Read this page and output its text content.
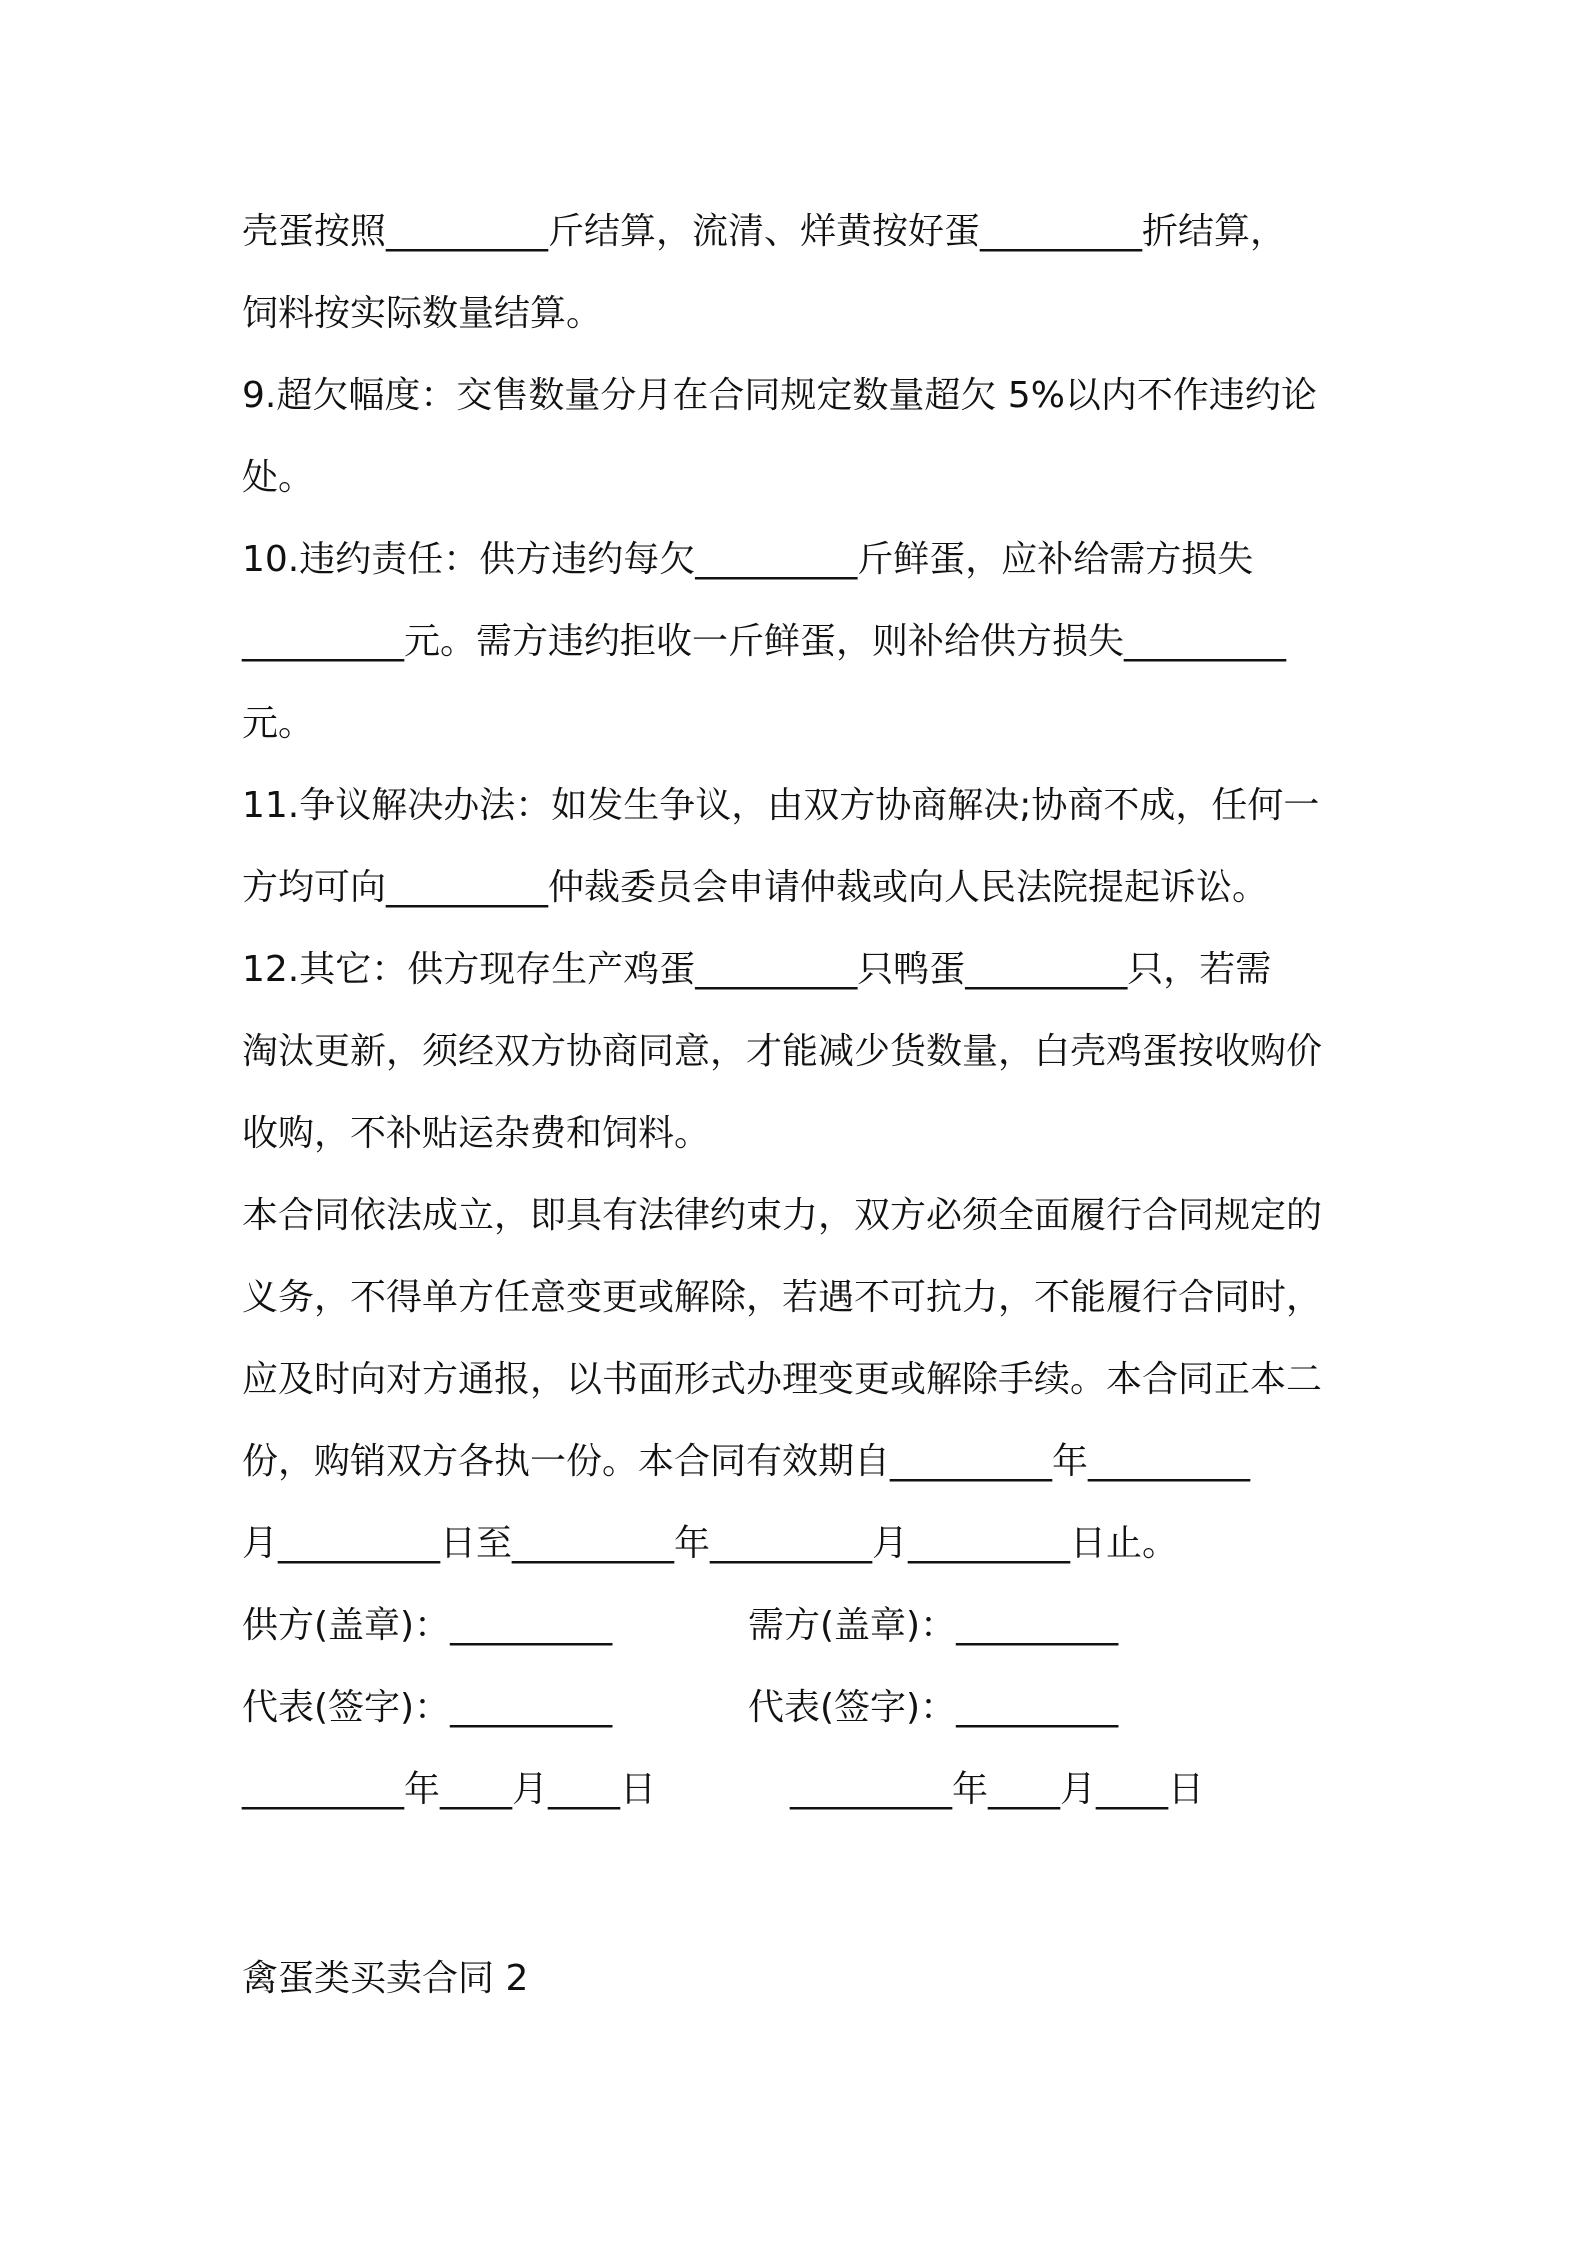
壳蛋按照_________斤结算，流清、烊黄按好蛋_________折结算，
饲料按实际数量结算。
9.超欠幅度：交售数量分月在合同规定数量超欠 5%以内不作违约论
处。
10.违约责任：供方违约每欠_________斤鲜蛋，应补给需方损失
_________元。需方违约拒收一斤鲜蛋，则补给供方损失_________
元。
11.争议解决办法：如发生争议，由双方协商解决;协商不成，任何一
方均可向_________仲裁委员会申请仲裁或向人民法院提起诉讼。
12.其它：供方现存生产鸡蛋_________只鸭蛋_________只，若需
淘汰更新，须经双方协商同意，才能减少货数量，白壳鸡蛋按收购价
收购，不补贴运杂费和饲料。
本合同依法成立，即具有法律约束力，双方必须全面履行合同规定的
义务，不得单方任意变更或解除，若遇不可抗力，不能履行合同时，
应及时向对方通报，以书面形式办理变更或解除手续。本合同正本二
份，购销双方各执一份。本合同有效期自_________年_________
月_________日至_________年_________月_________日止。
供方(盖章)：_________	需方(盖章)：_________
代表(签字)：_________	代表(签字)：_________
_________年____月____日	_________年____月____日
禽蛋类买卖合同 2
